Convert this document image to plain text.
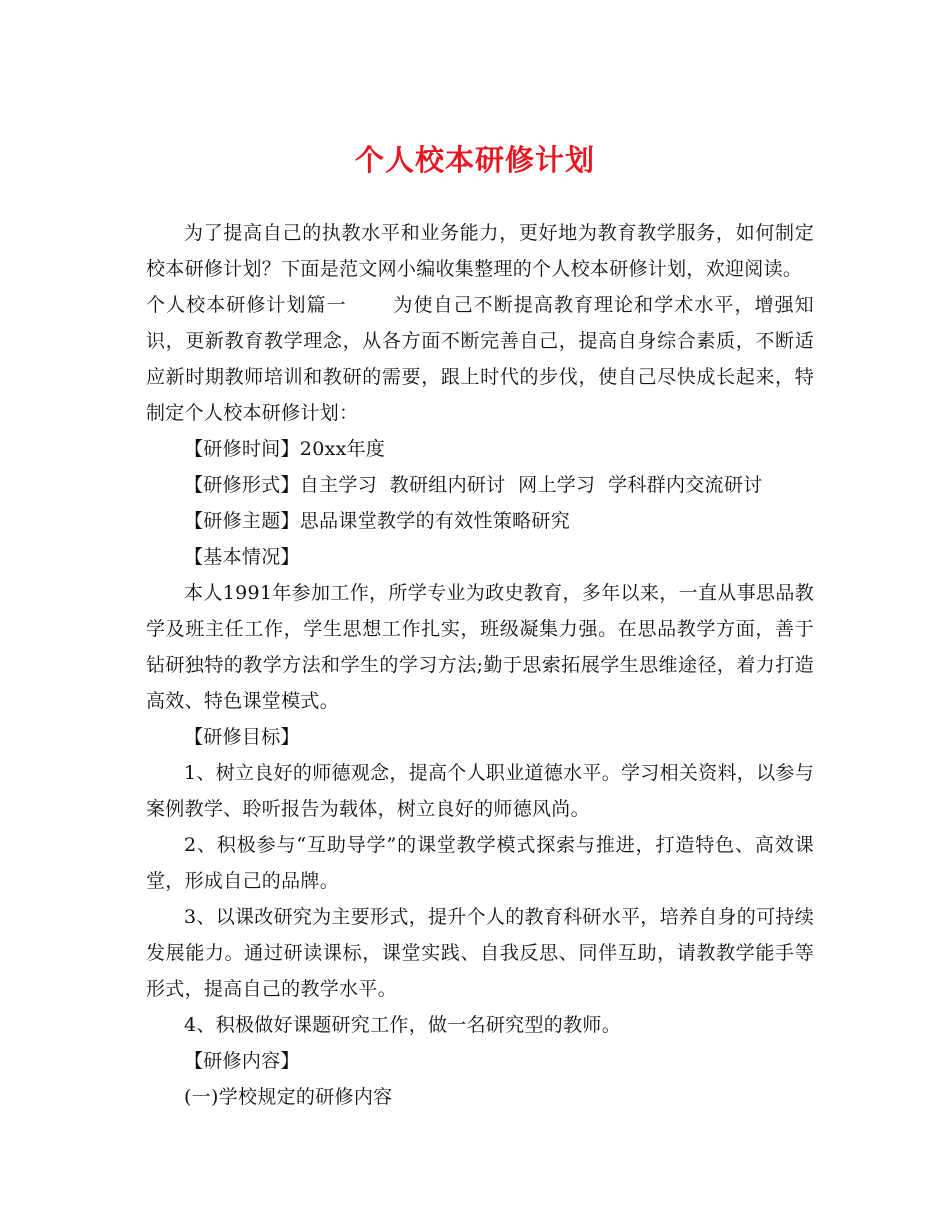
个人校本研修计划

为了提高自己的执教水平和业务能力，更好地为教育教学服务，如何制定校本研修计划？下面是范文网小编收集整理的个人校本研修计划，欢迎阅读。

个人校本研修计划篇一 为使自己不断提高教育理论和学术水平，增强知识，更新教育教学理念，从各方面不断完善自己，提高自身综合素质，不断适应新时期教师培训和教研的需要，跟上时代的步伐，使自己尽快成长起来，特制定个人校本研修计划：

【研修时间】20xx年度

【研修形式】自主学习  教研组内研讨  网上学习  学科群内交流研讨

【研修主题】思品课堂教学的有效性策略研究

【基本情况】

本人1991年参加工作，所学专业为政史教育，多年以来，一直从事思品教学及班主任工作，学生思想工作扎实，班级凝集力强。在思品教学方面，善于钻研独特的教学方法和学生的学习方法;勤于思索拓展学生思维途径，着力打造高效、特色课堂模式。

【研修目标】

1、树立良好的师德观念，提高个人职业道德水平。学习相关资料，以参与案例教学、聆听报告为载体，树立良好的师德风尚。

2、积极参与“互助导学”的课堂教学模式探索与推进，打造特色、高效课堂，形成自己的品牌。

3、以课改研究为主要形式，提升个人的教育科研水平，培养自身的可持续发展能力。通过研读课标，课堂实践、自我反思、同伴互助，请教教学能手等形式，提高自己的教学水平。

4、积极做好课题研究工作，做一名研究型的教师。

【研修内容】

(一)学校规定的研修内容
